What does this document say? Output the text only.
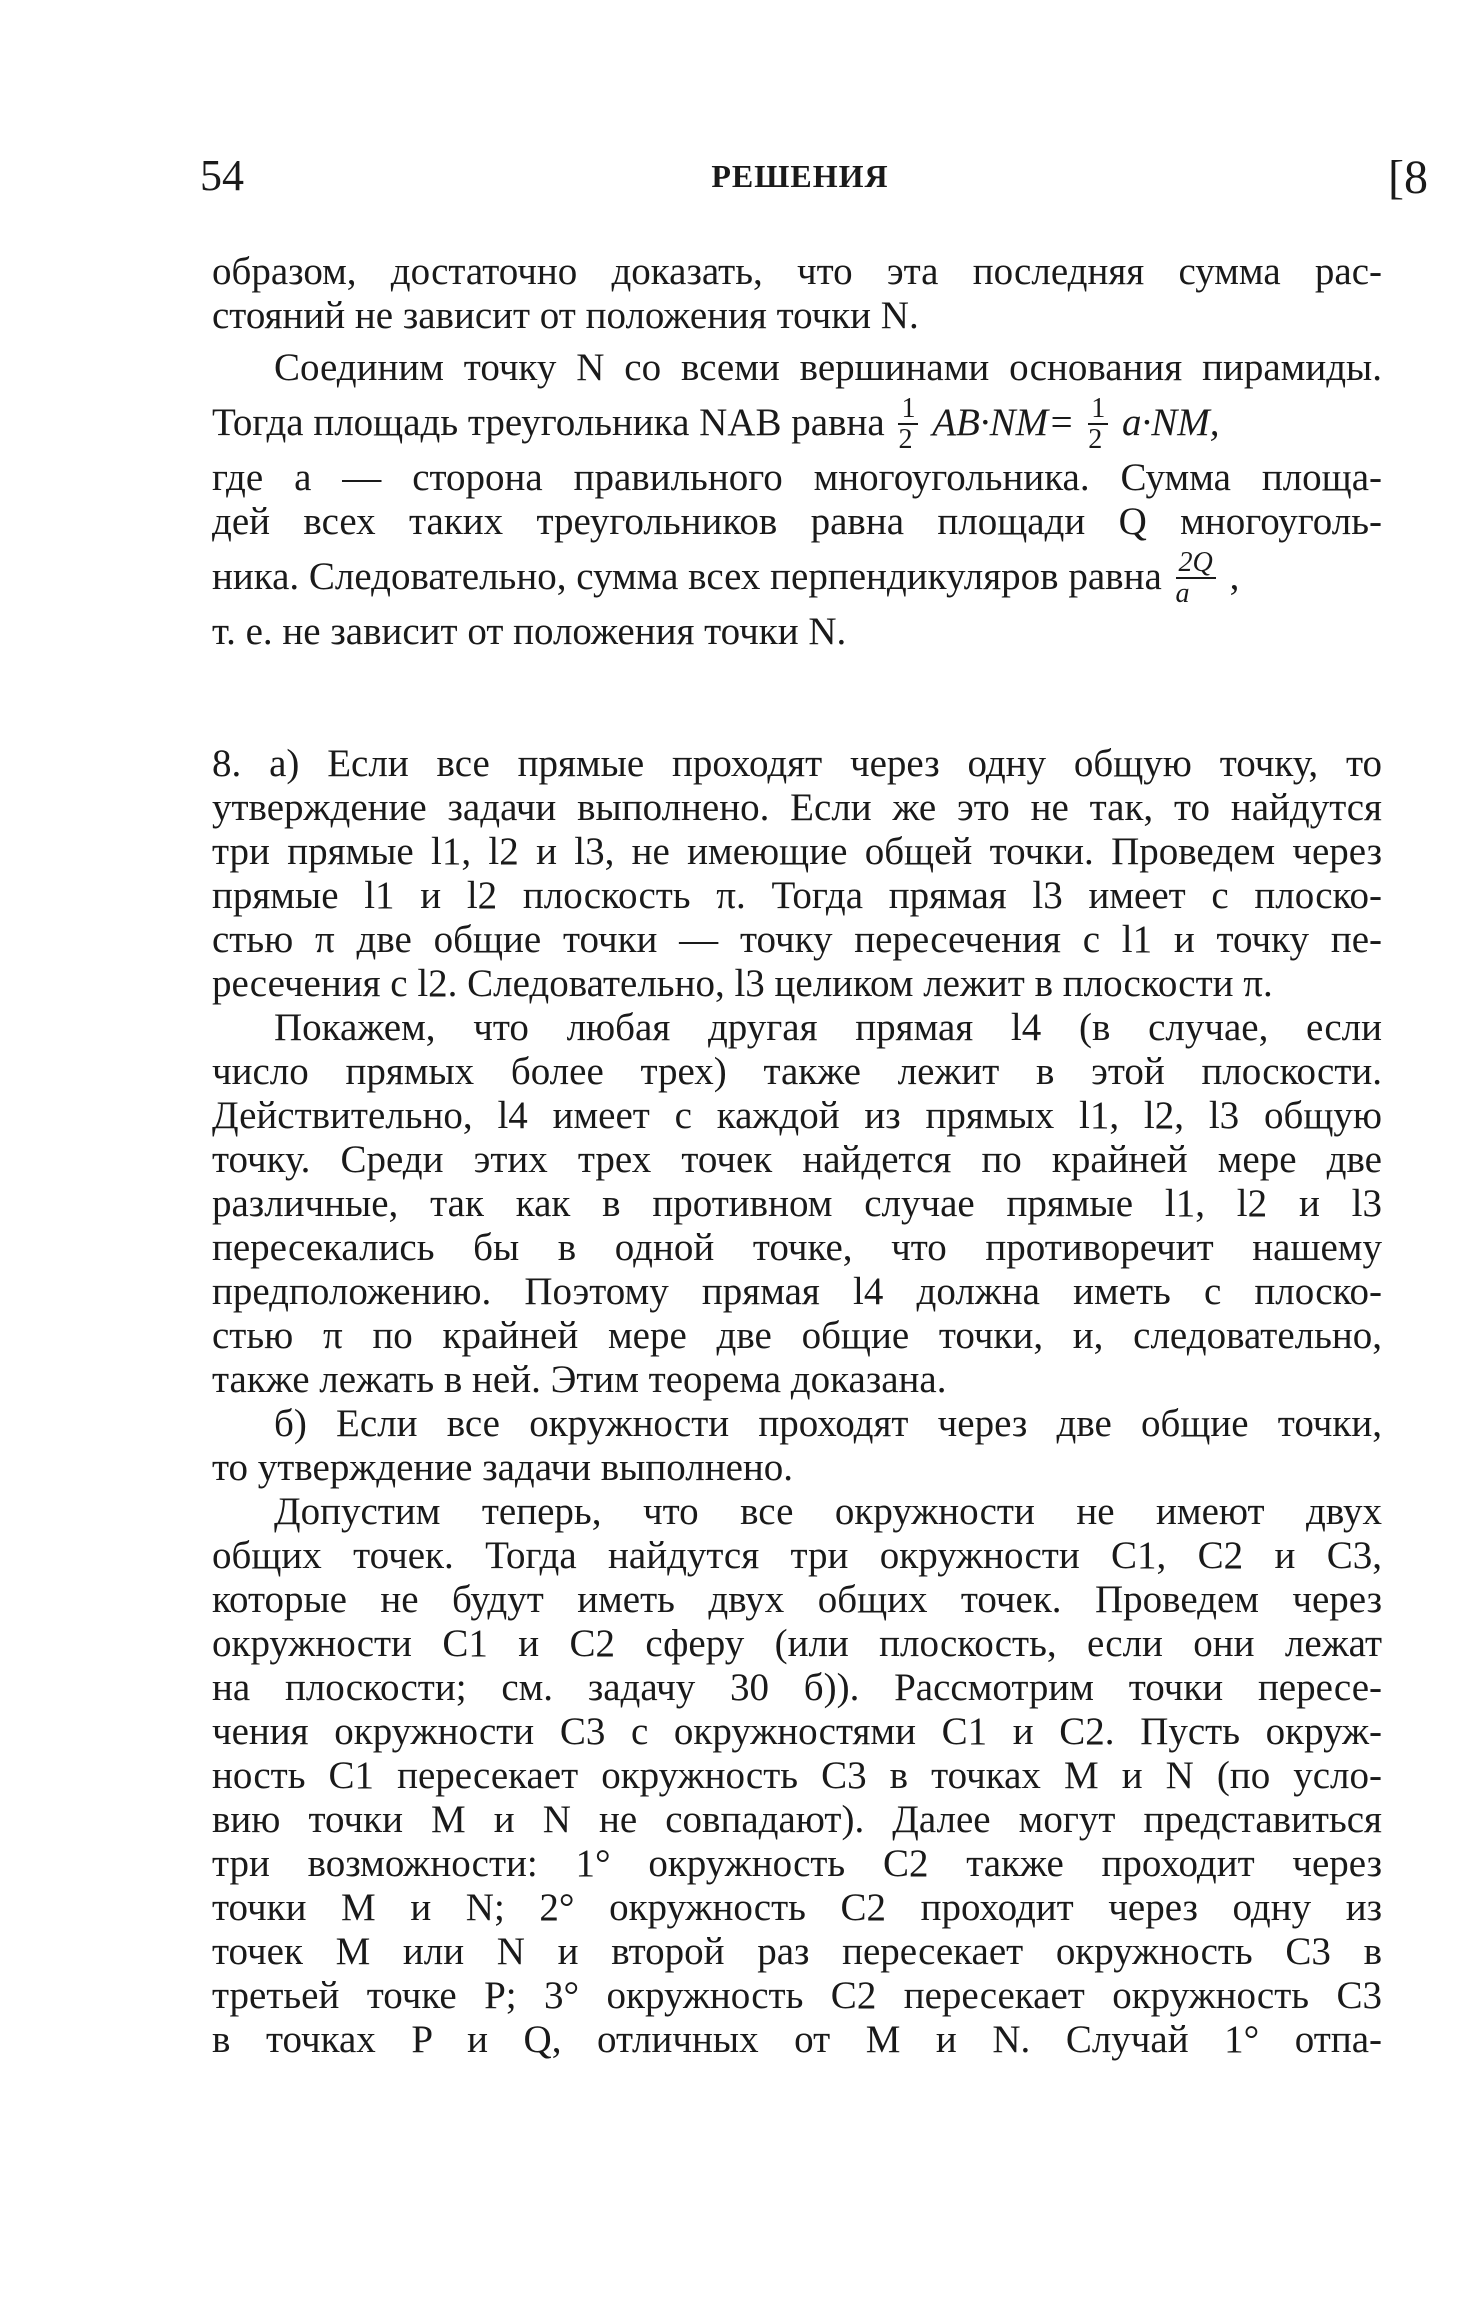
54	РЕШЕНИЯ	[8
образом, достаточно доказать, что эта последняя сумма рас-
стояний не зависит от положения точки N.
Соединим точку N со всеми вершинами основания пирамиды.
Тогда площадь треугольника NAB равна $\frac{1}{2} AB\cdot NM= \frac{1}{2} a\cdot NM$,
где a — сторона правильного многоугольника. Сумма площа-
дей всех таких треугольников равна площади Q многоуголь-
ника. Следовательно, сумма всех перпендикуляров равна $\frac{2Q}{a}$ ,
т. е. не зависит от положения точки N.
8. а) Если все прямые проходят через одну общую точку, то
утверждение задачи выполнено. Если же это не так, то найдутся
три прямые l1, l2 и l3, не имеющие общей точки. Проведем через
прямые l1 и l2 плоскость π. Тогда прямая l3 имеет с плоско-
стью π две общие точки — точку пересечения с l1 и точку пе-
ресечения с l2. Следовательно, l3 целиком лежит в плоскости π.
Покажем, что любая другая прямая l4 (в случае, если
число прямых более трех) также лежит в этой плоскости.
Действительно, l4 имеет с каждой из прямых l1, l2, l3 общую
точку. Среди этих трех точек найдется по крайней мере две
различные, так как в противном случае прямые l1, l2 и l3
пересекались бы в одной точке, что противоречит нашему
предположению. Поэтому прямая l4 должна иметь с плоско-
стью π по крайней мере две общие точки, и, следовательно,
также лежать в ней. Этим теорема доказана.
б) Если все окружности проходят через две общие точки,
то утверждение задачи выполнено.
Допустим теперь, что все окружности не имеют двух
общих точек. Тогда найдутся три окружности C1, C2 и C3,
которые не будут иметь двух общих точек. Проведем через
окружности C1 и C2 сферу (или плоскость, если они лежат
на плоскости; см. задачу 30 б)). Рассмотрим точки пересе-
чения окружности C3 с окружностями C1 и C2. Пусть окруж-
ность C1 пересекает окружность C3 в точках M и N (по усло-
вию точки M и N не совпадают). Далее могут представиться
три возможности: 1° окружность C2 также проходит через
точки M и N; 2° окружность C2 проходит через одну из
точек M или N и второй раз пересекает окружность C3 в
третьей точке P; 3° окружность C2 пересекает окружность C3
в точках P и Q, отличных от M и N. Случай 1° отпа-
